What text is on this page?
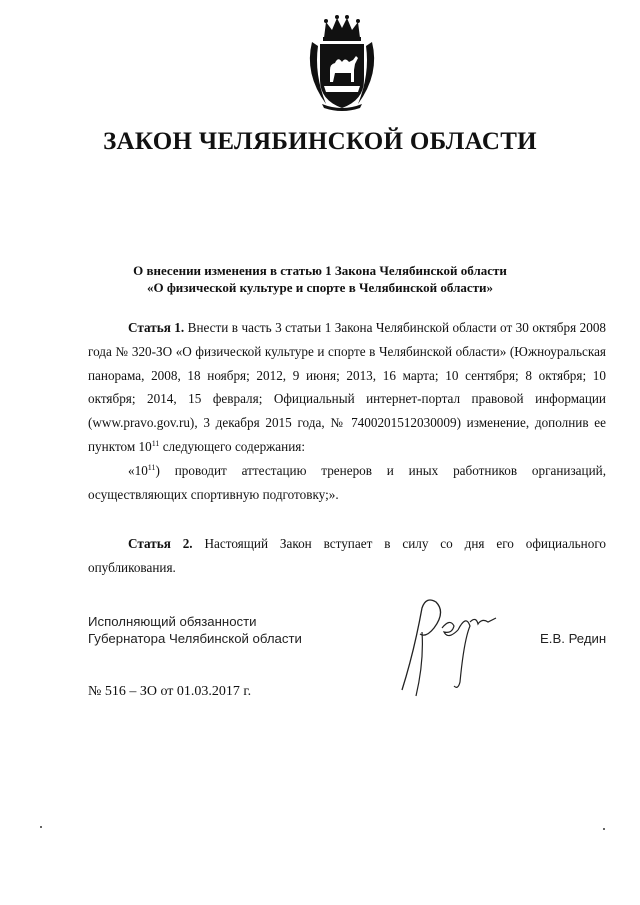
ЗАКОН ЧЕЛЯБИНСКОЙ ОБЛАСТИ
О внесении изменения в статью 1 Закона Челябинской области
«О физической культуре и спорте в Челябинской области»

Статья 1. Внести в часть 3 статьи 1 Закона Челябинской области от 30 октября 2008 года № 320-ЗО «О физической культуре и спорте в Челябинской области» (Южноуральская панорама, 2008, 18 ноября; 2012, 9 июня; 2013, 16 марта; 10 сентября; 8 октября; 10 октября; 2014, 15 февраля; Официальный интернет-портал правовой информации (www.pravo.gov.ru), 3 декабря 2015 года, № 7400201512030009) изменение, дополнив ее пунктом $10^{11}$ следующего содержания:

«$10^{11}$) проводит аттестацию тренеров и иных работников организаций, осуществляющих спортивную подготовку;».

Статья 2. Настоящий Закон вступает в силу со дня его официального опубликования.

Исполняющий обязанности
Губернатора Челябинской области	Е.В. Редин
№ 516 – ЗО от 01.03.2017 г.
